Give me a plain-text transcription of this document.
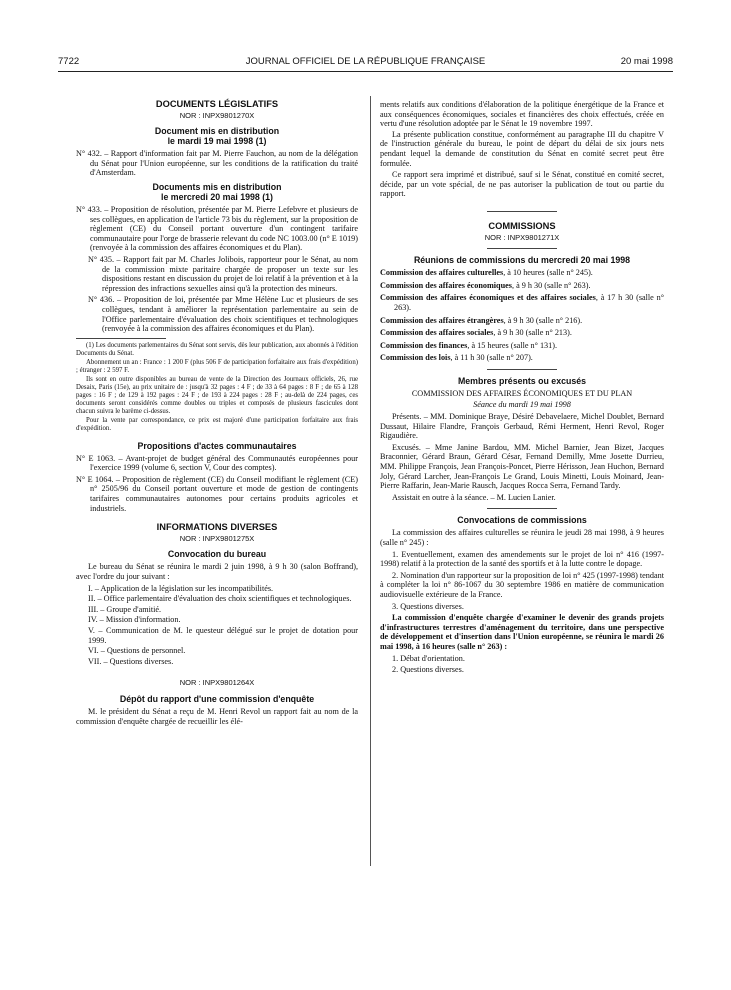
7722	JOURNAL OFFICIEL DE LA RÉPUBLIQUE FRANÇAISE	20 mai 1998

DOCUMENTS LÉGISLATIFS

NOR : INPX9801270X

Document mis en distribution
le mardi 19 mai 1998 (1)

N° 432. – Rapport d'information fait par M. Pierre Fauchon, au nom de la délégation du Sénat pour l'Union européenne, sur les conditions de la ratification du traité d'Amsterdam.

Documents mis en distribution
le mercredi 20 mai 1998 (1)

N° 433. – Proposition de résolution, présentée par M. Pierre Lefebvre et plusieurs de ses collègues, en application de l'article 73 bis du règlement, sur la proposition de règlement (CE) du Conseil portant ouverture d'un contingent tarifaire communautaire pour l'orge de brasserie relevant du code NC 1003.00 (n° E 1019) (renvoyée à la commission des affaires économiques et du Plan).

N° 435. – Rapport fait par M. Charles Jolibois, rapporteur pour le Sénat, au nom de la commission mixte paritaire chargée de proposer un texte sur les dispositions restant en discussion du projet de loi relatif à la prévention et à la répression des infractions sexuelles ainsi qu'à la protection des mineurs.

N° 436. – Proposition de loi, présentée par Mme Hélène Luc et plusieurs de ses collègues, tendant à améliorer la représentation parlementaire au sein de l'Office parlementaire d'évaluation des choix scientifiques et technologiques (renvoyée à la commission des affaires économiques et du Plan).

(1) Les documents parlementaires du Sénat sont servis, dès leur publication, aux abonnés à l'édition Documents du Sénat.

Abonnement un an : France : 1 200 F (plus 506 F de participation forfaitaire aux frais d'expédition) ; étranger : 2 597 F.

Ils sont en outre disponibles au bureau de vente de la Direction des Journaux officiels, 26, rue Desaix, Paris (15e), au prix unitaire de : jusqu'à 32 pages : 4 F ; de 33 à 64 pages : 8 F ; de 65 à 128 pages : 16 F ; de 129 à 192 pages : 24 F ; de 193 à 224 pages : 28 F ; au-delà de 224 pages, ces documents seront considérés comme doubles ou triples et composés de plusieurs fascicules dont chacun suivra le barème ci-dessus.

Pour la vente par correspondance, ce prix est majoré d'une participation forfaitaire aux frais d'expédition.

Propositions d'actes communautaires

N° E 1063. – Avant-projet de budget général des Communautés européennes pour l'exercice 1999 (volume 6, section V, Cour des comptes).

N° E 1064. – Proposition de règlement (CE) du Conseil modifiant le règlement (CE) n° 2505/96 du Conseil portant ouverture et mode de gestion de contingents tarifaires communautaires autonomes pour certains produits agricoles et industriels.

INFORMATIONS DIVERSES

NOR : INPX9801275X

Convocation du bureau

Le bureau du Sénat se réunira le mardi 2 juin 1998, à 9 h 30 (salon Boffrand), avec l'ordre du jour suivant :

I. – Application de la législation sur les incompatibilités.

II. – Office parlementaire d'évaluation des choix scientifiques et technologiques.

III. – Groupe d'amitié.

IV. – Mission d'information.

V. – Communication de M. le questeur délégué sur le projet de dotation pour 1999.

VI. – Questions de personnel.

VII. – Questions diverses.

NOR : INPX9801264X

Dépôt du rapport d'une commission d'enquête

M. le président du Sénat a reçu de M. Henri Revol un rapport fait au nom de la commission d'enquête chargée de recueillir les élé-

ments relatifs aux conditions d'élaboration de la politique énergétique de la France et aux conséquences économiques, sociales et financières des choix effectués, créée en vertu d'une résolution adoptée par le Sénat le 19 novembre 1997.

La présente publication constitue, conformément au paragraphe III du chapitre V de l'instruction générale du bureau, le point de départ du délai de six jours nets pendant lequel la demande de constitution du Sénat en comité secret peut être formulée.

Ce rapport sera imprimé et distribué, sauf si le Sénat, constitué en comité secret, décide, par un vote spécial, de ne pas autoriser la publication de tout ou partie du rapport.

COMMISSIONS

NOR : INPX9801271X

Réunions de commissions du mercredi 20 mai 1998

Commission des affaires culturelles, à 10 heures (salle n° 245).

Commission des affaires économiques, à 9 h 30 (salle n° 263).

Commission des affaires économiques et des affaires sociales, à 17 h 30 (salle n° 263).

Commission des affaires étrangères, à 9 h 30 (salle n° 216).

Commission des affaires sociales, à 9 h 30 (salle n° 213).

Commission des finances, à 15 heures (salle n° 131).

Commission des lois, à 11 h 30 (salle n° 207).

Membres présents ou excusés

COMMISSION DES AFFAIRES ÉCONOMIQUES ET DU PLAN

Séance du mardi 19 mai 1998

Présents. – MM. Dominique Braye, Désiré Debavelaere, Michel Doublet, Bernard Dussaut, Hilaire Flandre, François Gerbaud, Rémi Herment, Henri Revol, Roger Rigaudière.

Excusés. – Mme Janine Bardou, MM. Michel Barnier, Jean Bizet, Jacques Braconnier, Gérard Braun, Gérard César, Fernand Demilly, Mme Josette Durrieu, MM. Philippe François, Jean François-Poncet, Pierre Hérisson, Jean Huchon, Bernard Joly, Gérard Larcher, Jean-François Le Grand, Louis Minetti, Louis Moinard, Jean-Pierre Raffarin, Jean-Marie Rausch, Jacques Rocca Serra, Fernand Tardy.

Assistait en outre à la séance. – M. Lucien Lanier.

Convocations de commissions

La commission des affaires culturelles se réunira le jeudi 28 mai 1998, à 9 heures (salle n° 245) :

1. Eventuellement, examen des amendements sur le projet de loi n° 416 (1997-1998) relatif à la protection de la santé des sportifs et à la lutte contre le dopage.

2. Nomination d'un rapporteur sur la proposition de loi n° 425 (1997-1998) tendant à compléter la loi n° 86-1067 du 30 septembre 1986 en matière de communication audiovisuelle extérieure de la France.

3. Questions diverses.

La commission d'enquête chargée d'examiner le devenir des grands projets d'infrastructures terrestres d'aménagement du territoire, dans une perspective de développement et d'insertion dans l'Union européenne, se réunira le mardi 26 mai 1998, à 16 heures (salle n° 263) :

1. Débat d'orientation.

2. Questions diverses.
